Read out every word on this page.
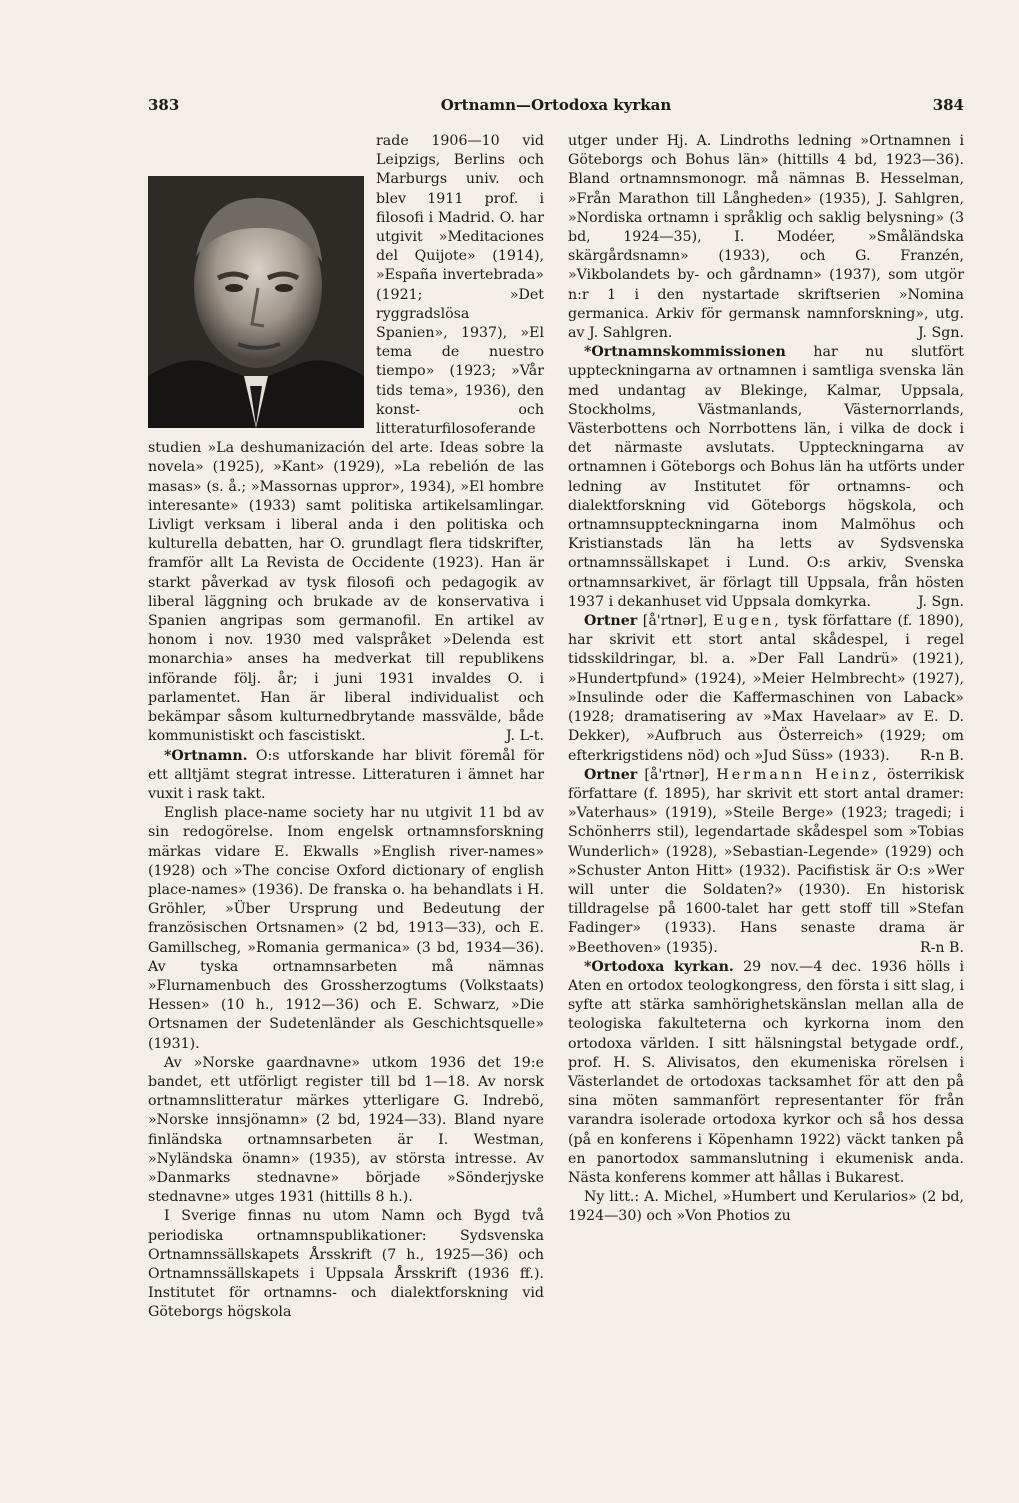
383	Ortnamn—Ortodoxa kyrkan	384

rade 1906—10 vid Leipzigs, Berlins och Marburgs univ. och blev 1911 prof. i filosofi i Madrid. O. har utgivit »Meditaciones del Quijote» (1914), »España invertebrada» (1921; »Det ryggradslösa Spanien», 1937), »El tema de nuestro tiempo» (1923; »Vår tids tema», 1936), den konst- och litteraturfilosoferande studien »La deshumanización del arte. Ideas sobre la novela» (1925), »Kant» (1929), »La rebelión de las masas» (s. å.; »Massornas uppror», 1934), »El hombre interesante» (1933) samt politiska artikelsamlingar. Livligt verksam i liberal anda i den politiska och kulturella debatten, har O. grundlagt flera tidskrifter, framför allt La Revista de Occidente (1923). Han är starkt påverkad av tysk filosofi och pedagogik av liberal läggning och brukade av de konservativa i Spanien angripas som germanofil. En artikel av honom i nov. 1930 med valspråket »Delenda est monarchia» anses ha medverkat till republikens införande följ. år; i juni 1931 invaldes O. i parlamentet. Han är liberal individualist och bekämpar såsom kulturnedbrytande massvälde, både kommunistiskt och fascistiskt.	J. L-t.

*Ortnamn. O:s utforskande har blivit föremål för ett alltjämt stegrat intresse. Litteraturen i ämnet har vuxit i rask takt.

English place-name society har nu utgivit 11 bd av sin redogörelse. Inom engelsk ortnamnsforskning märkas vidare E. Ekwalls »English river-names» (1928) och »The concise Oxford dictionary of english place-names» (1936). De franska o. ha behandlats i H. Gröhler, »Über Ursprung und Bedeutung der französischen Ortsnamen» (2 bd, 1913—33), och E. Gamillscheg, »Romania germanica» (3 bd, 1934—36). Av tyska ortnamnsarbeten må nämnas »Flurnamenbuch des Grossherzogtums (Volkstaats) Hessen» (10 h., 1912—36) och E. Schwarz, »Die Ortsnamen der Sudetenländer als Geschichtsquelle» (1931).

Av »Norske gaardnavne» utkom 1936 det 19:e bandet, ett utförligt register till bd 1—18. Av norsk ortnamnslitteratur märkes ytterligare G. Indrebö, »Norske innsjönamn» (2 bd, 1924—33). Bland nyare finländska ortnamnsarbeten är I. Westman, »Nyländska önamn» (1935), av största intresse. Av »Danmarks stednavne» började »Sönderjyske stednavne» utges 1931 (hittills 8 h.).

I Sverige finnas nu utom Namn och Bygd två periodiska ortnamnspublikationer: Sydsvenska Ortnamnssällskapets Årsskrift (7 h., 1925—36) och Ortnamnssällskapets i Uppsala Årsskrift (1936 ff.). Institutet för ortnamns- och dialektforskning vid Göteborgs högskola

utger under Hj. A. Lindroths ledning »Ortnamnen i Göteborgs och Bohus län» (hittills 4 bd, 1923—36). Bland ortnamnsmonogr. må nämnas B. Hesselman, »Från Marathon till Långheden» (1935), J. Sahlgren, »Nordiska ortnamn i språklig och saklig belysning» (3 bd, 1924—35), I. Modéer, »Småländska skärgårdsnamn» (1933), och G. Franzén, »Vikbolandets by- och gårdnamn» (1937), som utgör n:r 1 i den nystartade skriftserien »Nomina germanica. Arkiv för germansk namnforskning», utg. av J. Sahlgren.	J. Sgn.

*Ortnamnskommissionen har nu slutfört uppteckningarna av ortnamnen i samtliga svenska län med undantag av Blekinge, Kalmar, Uppsala, Stockholms, Västmanlands, Västernorrlands, Västerbottens och Norrbottens län, i vilka de dock i det närmaste avslutats. Uppteckningarna av ortnamnen i Göteborgs och Bohus län ha utförts under ledning av Institutet för ortnamns- och dialektforskning vid Göteborgs högskola, och ortnamnsuppteckningarna inom Malmöhus och Kristianstads län ha letts av Sydsvenska ortnamnssällskapet i Lund. O:s arkiv, Svenska ortnamnsarkivet, är förlagt till Uppsala, från hösten 1937 i dekanhuset vid Uppsala domkyrka.	J. Sgn.

Ortner [å'rtnər], Eugen, tysk författare (f. 1890), har skrivit ett stort antal skådespel, i regel tidsskildringar, bl. a. »Der Fall Landrü» (1921), »Hundertpfund» (1924), »Meier Helmbrecht» (1927), »Insulinde oder die Kaffermaschinen von Laback» (1928; dramatisering av »Max Havelaar» av E. D. Dekker), »Aufbruch aus Österreich» (1929; om efterkrigstidens nöd) och »Jud Süss» (1933).	R-n B.

Ortner [å'rtnər], Hermann Heinz, österrikisk författare (f. 1895), har skrivit ett stort antal dramer: »Vaterhaus» (1919), »Steile Berge» (1923; tragedi; i Schönherrs stil), legendartade skådespel som »Tobias Wunderlich» (1928), »Sebastian-Legende» (1929) och »Schuster Anton Hitt» (1932). Pacifistisk är O:s »Wer will unter die Soldaten?» (1930). En historisk tilldragelse på 1600-talet har gett stoff till »Stefan Fadinger» (1933). Hans senaste drama är »Beethoven» (1935).	R-n B.

*Ortodoxa kyrkan. 29 nov.—4 dec. 1936 hölls i Aten en ortodox teologkongress, den första i sitt slag, i syfte att stärka samhörighetskänslan mellan alla de teologiska fakulteterna och kyrkorna inom den ortodoxa världen. I sitt hälsningstal betygade ordf., prof. H. S. Alivisatos, den ekumeniska rörelsen i Västerlandet de ortodoxas tacksamhet för att den på sina möten sammanfört representanter för från varandra isolerade ortodoxa kyrkor och så hos dessa (på en konferens i Köpenhamn 1922) väckt tanken på en panortodox sammanslutning i ekumenisk anda. Nästa konferens kommer att hållas i Bukarest.

Ny litt.: A. Michel, »Humbert und Kerularios» (2 bd, 1924—30) och »Von Photios zu
